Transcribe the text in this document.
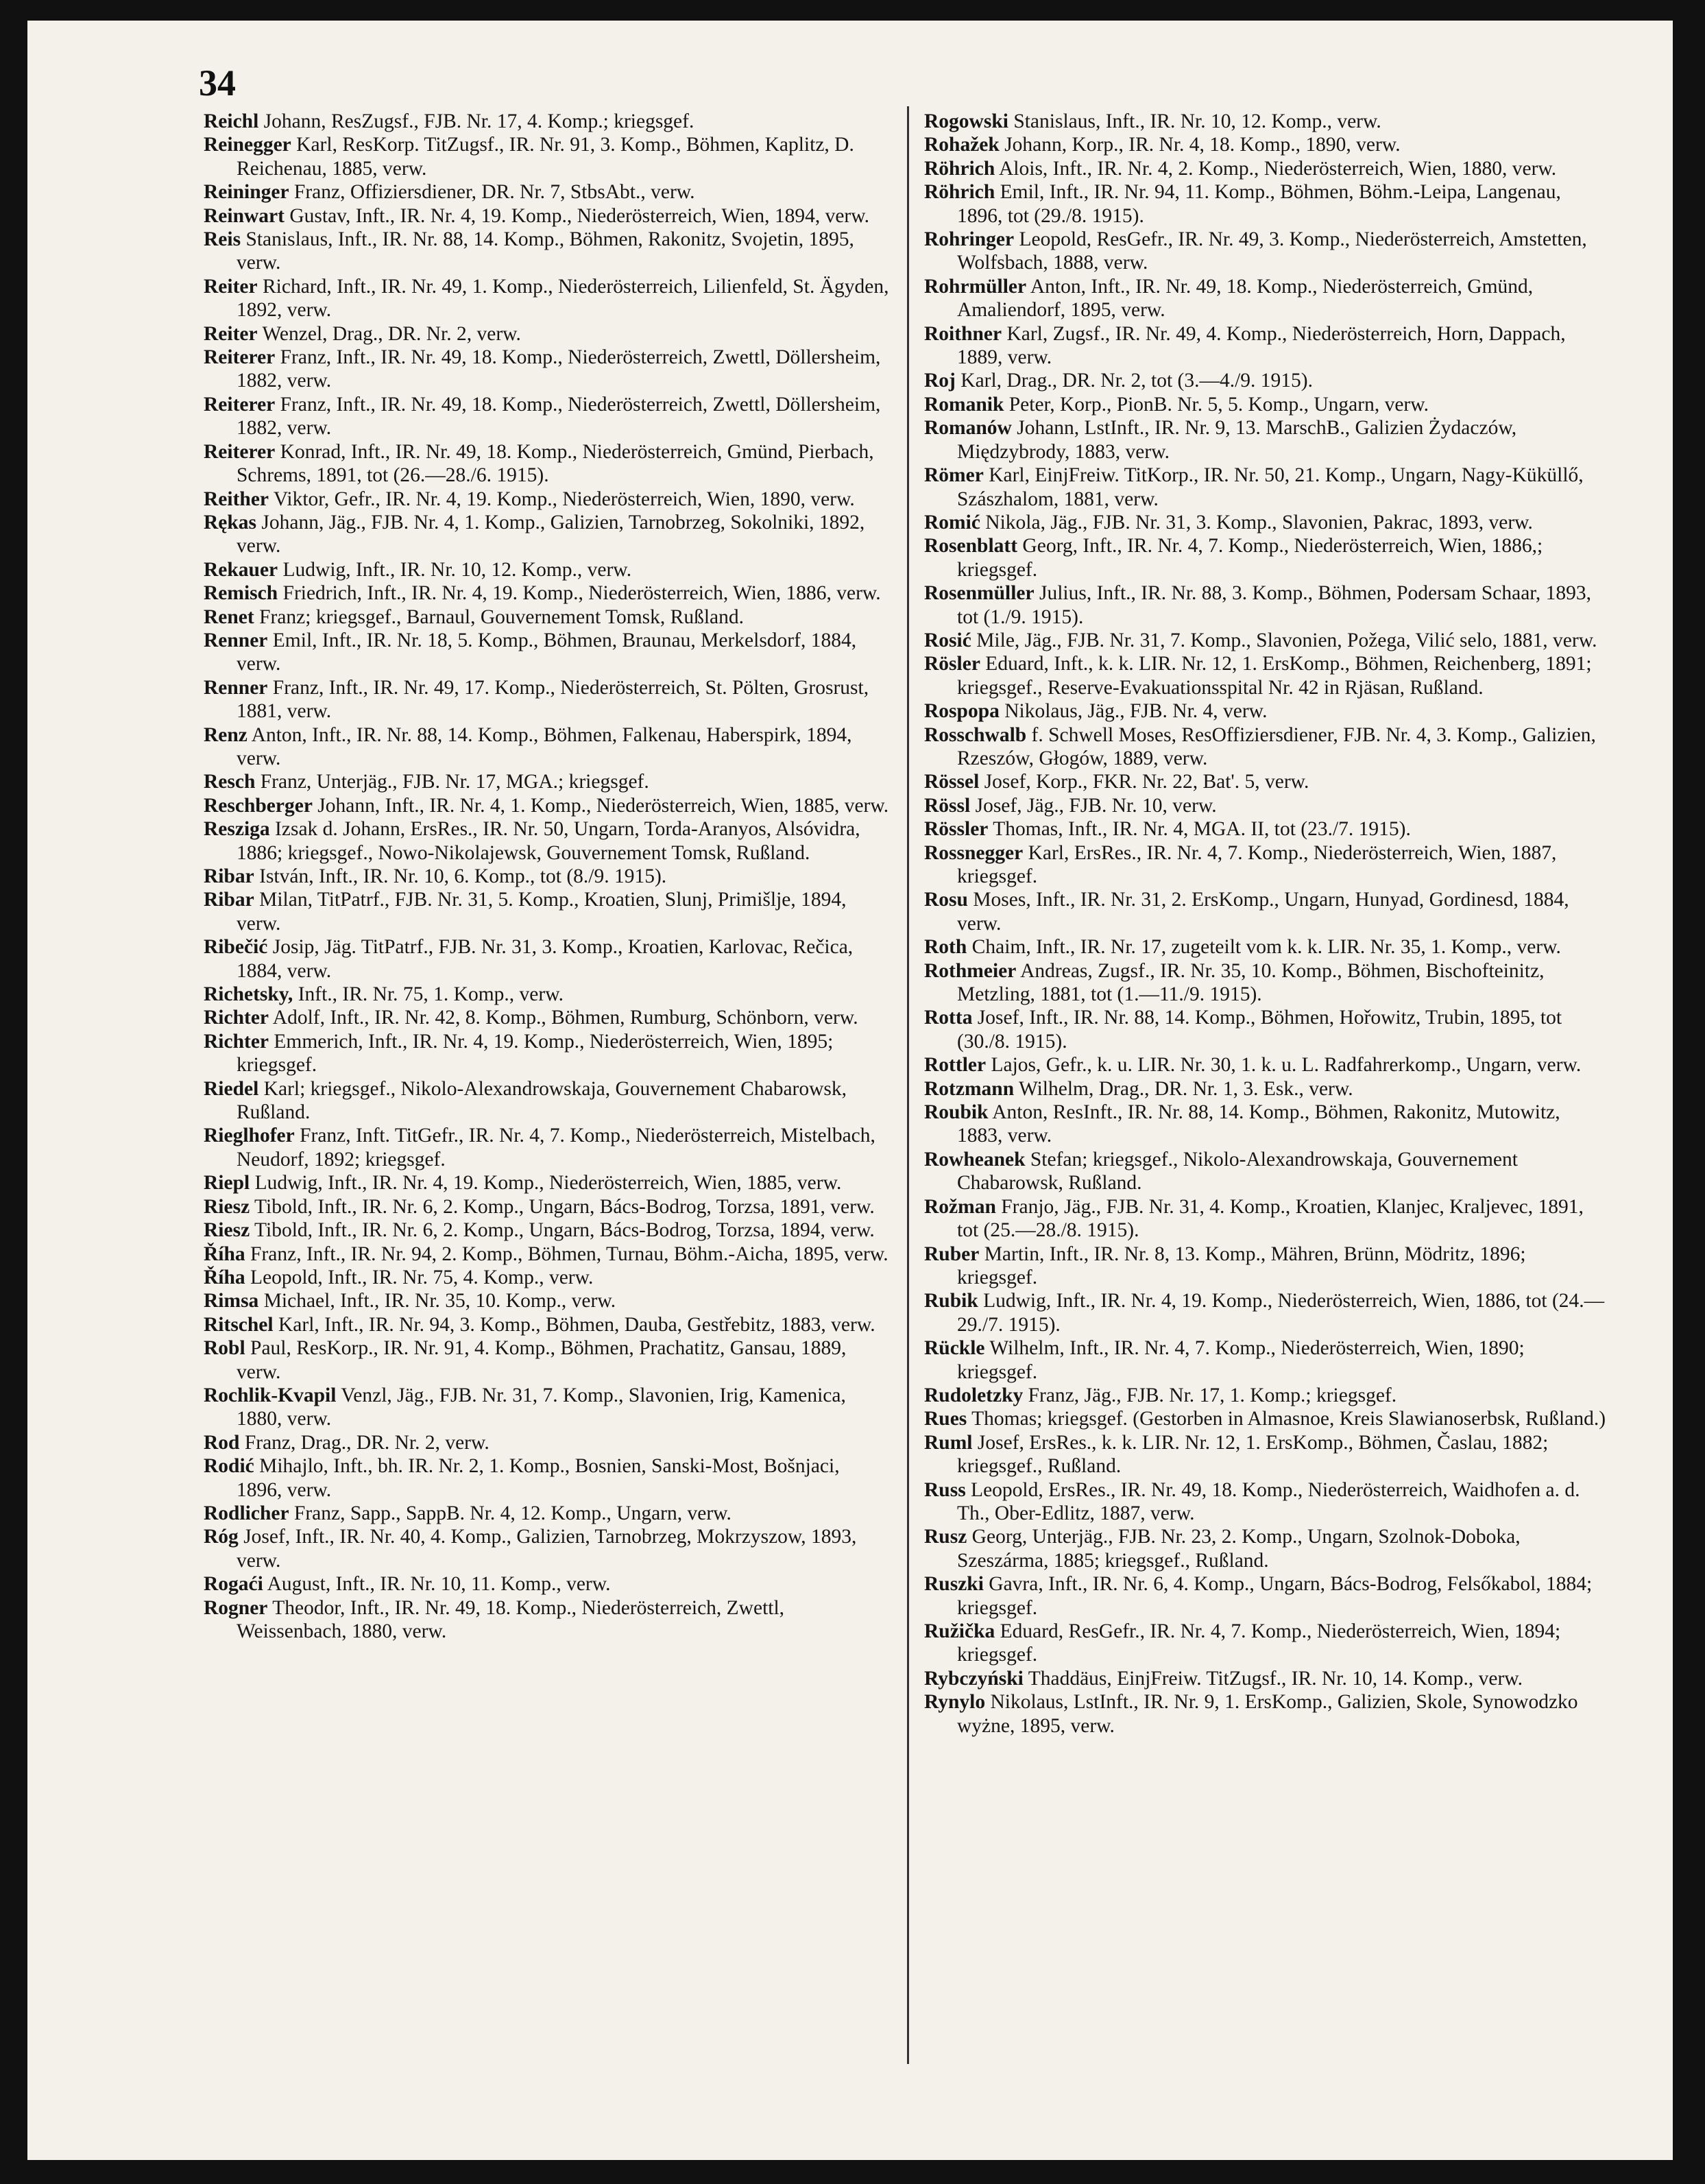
34

Reichl Johann, ResZugsf., FJB. Nr. 17, 4. Komp.; kriegsgef.

Reinegger Karl, ResKorp. TitZugsf., IR. Nr. 91, 3. Komp., Böhmen, Kaplitz, D. Reichenau, 1885, verw.

Reininger Franz, Offiziersdiener, DR. Nr. 7, StbsAbt., verw.

Reinwart Gustav, Inft., IR. Nr. 4, 19. Komp., Niederösterreich, Wien, 1894, verw.

Reis Stanislaus, Inft., IR. Nr. 88, 14. Komp., Böhmen, Rakonitz, Svojetin, 1895, verw.

Reiter Richard, Inft., IR. Nr. 49, 1. Komp., Niederösterreich, Lilienfeld, St. Ägyden, 1892, verw.

Reiter Wenzel, Drag., DR. Nr. 2, verw.

Reiterer Franz, Inft., IR. Nr. 49, 18. Komp., Niederösterreich, Zwettl, Döllersheim, 1882, verw.

Reiterer Franz, Inft., IR. Nr. 49, 18. Komp., Niederösterreich, Zwettl, Döllersheim, 1882, verw.

Reiterer Konrad, Inft., IR. Nr. 49, 18. Komp., Niederösterreich, Gmünd, Pierbach, Schrems, 1891, tot (26.—28./6. 1915).

Reither Viktor, Gefr., IR. Nr. 4, 19. Komp., Niederösterreich, Wien, 1890, verw.

Rękas Johann, Jäg., FJB. Nr. 4, 1. Komp., Galizien, Tarnobrzeg, Sokolniki, 1892, verw.

Rekauer Ludwig, Inft., IR. Nr. 10, 12. Komp., verw.

Remisch Friedrich, Inft., IR. Nr. 4, 19. Komp., Niederösterreich, Wien, 1886, verw.

Renet Franz; kriegsgef., Barnaul, Gouvernement Tomsk, Rußland.

Renner Emil, Inft., IR. Nr. 18, 5. Komp., Böhmen, Braunau, Merkelsdorf, 1884, verw.

Renner Franz, Inft., IR. Nr. 49, 17. Komp., Niederösterreich, St. Pölten, Grosrust, 1881, verw.

Renz Anton, Inft., IR. Nr. 88, 14. Komp., Böhmen, Falkenau, Haberspirk, 1894, verw.

Resch Franz, Unterjäg., FJB. Nr. 17, MGA.; kriegsgef.

Reschberger Johann, Inft., IR. Nr. 4, 1. Komp., Niederösterreich, Wien, 1885, verw.

Resziga Izsak d. Johann, ErsRes., IR. Nr. 50, Ungarn, Torda-Aranyos, Alsóvidra, 1886; kriegsgef., Nowo-Nikolajewsk, Gouvernement Tomsk, Rußland.

Ribar István, Inft., IR. Nr. 10, 6. Komp., tot (8./9. 1915).

Ribar Milan, TitPatrf., FJB. Nr. 31, 5. Komp., Kroatien, Slunj, Primišlje, 1894, verw.

Ribečić Josip, Jäg. TitPatrf., FJB. Nr. 31, 3. Komp., Kroatien, Karlovac, Rečica, 1884, verw.

Richetsky, Inft., IR. Nr. 75, 1. Komp., verw.

Richter Adolf, Inft., IR. Nr. 42, 8. Komp., Böhmen, Rumburg, Schönborn, verw.

Richter Emmerich, Inft., IR. Nr. 4, 19. Komp., Niederösterreich, Wien, 1895; kriegsgef.

Riedel Karl; kriegsgef., Nikolo-Alexandrowskaja, Gouvernement Chabarowsk, Rußland.

Rieglhofer Franz, Inft. TitGefr., IR. Nr. 4, 7. Komp., Niederösterreich, Mistelbach, Neudorf, 1892; kriegsgef.

Riepl Ludwig, Inft., IR. Nr. 4, 19. Komp., Niederösterreich, Wien, 1885, verw.

Riesz Tibold, Inft., IR. Nr. 6, 2. Komp., Ungarn, Bács-Bodrog, Torzsa, 1891, verw.

Riesz Tibold, Inft., IR. Nr. 6, 2. Komp., Ungarn, Bács-Bodrog, Torzsa, 1894, verw.

Říha Franz, Inft., IR. Nr. 94, 2. Komp., Böhmen, Turnau, Böhm.-Aicha, 1895, verw.

Říha Leopold, Inft., IR. Nr. 75, 4. Komp., verw.

Rimsa Michael, Inft., IR. Nr. 35, 10. Komp., verw.

Ritschel Karl, Inft., IR. Nr. 94, 3. Komp., Böhmen, Dauba, Gestřebitz, 1883, verw.

Robl Paul, ResKorp., IR. Nr. 91, 4. Komp., Böhmen, Prachatitz, Gansau, 1889, verw.

Rochlik-Kvapil Venzl, Jäg., FJB. Nr. 31, 7. Komp., Slavonien, Irig, Kamenica, 1880, verw.

Rod Franz, Drag., DR. Nr. 2, verw.

Rodić Mihajlo, Inft., bh. IR. Nr. 2, 1. Komp., Bosnien, Sanski-Most, Bošnjaci, 1896, verw.

Rodlicher Franz, Sapp., SappB. Nr. 4, 12. Komp., Ungarn, verw.

Róg Josef, Inft., IR. Nr. 40, 4. Komp., Galizien, Tarnobrzeg, Mokrzyszow, 1893, verw.

Rogaći August, Inft., IR. Nr. 10, 11. Komp., verw.

Rogner Theodor, Inft., IR. Nr. 49, 18. Komp., Niederösterreich, Zwettl, Weissenbach, 1880, verw.

Rogowski Stanislaus, Inft., IR. Nr. 10, 12. Komp., verw.

Rohažek Johann, Korp., IR. Nr. 4, 18. Komp., 1890, verw.

Röhrich Alois, Inft., IR. Nr. 4, 2. Komp., Niederösterreich, Wien, 1880, verw.

Röhrich Emil, Inft., IR. Nr. 94, 11. Komp., Böhmen, Böhm.-Leipa, Langenau, 1896, tot (29./8. 1915).

Rohringer Leopold, ResGefr., IR. Nr. 49, 3. Komp., Niederösterreich, Amstetten, Wolfsbach, 1888, verw.

Rohrmüller Anton, Inft., IR. Nr. 49, 18. Komp., Niederösterreich, Gmünd, Amaliendorf, 1895, verw.

Roithner Karl, Zugsf., IR. Nr. 49, 4. Komp., Niederösterreich, Horn, Dappach, 1889, verw.

Roj Karl, Drag., DR. Nr. 2, tot (3.—4./9. 1915).

Romanik Peter, Korp., PionB. Nr. 5, 5. Komp., Ungarn, verw.

Romanów Johann, LstInft., IR. Nr. 9, 13. MarschB., Galizien Żydaczów, Międzybrody, 1883, verw.

Römer Karl, EinjFreiw. TitKorp., IR. Nr. 50, 21. Komp., Ungarn, Nagy-Küküllő, Szászhalom, 1881, verw.

Romić Nikola, Jäg., FJB. Nr. 31, 3. Komp., Slavonien, Pakrac, 1893, verw.

Rosenblatt Georg, Inft., IR. Nr. 4, 7. Komp., Niederösterreich, Wien, 1886,; kriegsgef.

Rosenmüller Julius, Inft., IR. Nr. 88, 3. Komp., Böhmen, Podersam Schaar, 1893, tot (1./9. 1915).

Rosić Mile, Jäg., FJB. Nr. 31, 7. Komp., Slavonien, Požega, Vilić selo, 1881, verw.

Rösler Eduard, Inft., k. k. LIR. Nr. 12, 1. ErsKomp., Böhmen, Reichenberg, 1891; kriegsgef., Reserve-Evakuationsspital Nr. 42 in Rjäsan, Rußland.

Rospopa Nikolaus, Jäg., FJB. Nr. 4, verw.

Rosschwalb f. Schwell Moses, ResOffiziersdiener, FJB. Nr. 4, 3. Komp., Galizien, Rzeszów, Głogów, 1889, verw.

Rössel Josef, Korp., FKR. Nr. 22, Bat'. 5, verw.

Rössl Josef, Jäg., FJB. Nr. 10, verw.

Rössler Thomas, Inft., IR. Nr. 4, MGA. II, tot (23./7. 1915).

Rossnegger Karl, ErsRes., IR. Nr. 4, 7. Komp., Niederösterreich, Wien, 1887, kriegsgef.

Rosu Moses, Inft., IR. Nr. 31, 2. ErsKomp., Ungarn, Hunyad, Gordinesd, 1884, verw.

Roth Chaim, Inft., IR. Nr. 17, zugeteilt vom k. k. LIR. Nr. 35, 1. Komp., verw.

Rothmeier Andreas, Zugsf., IR. Nr. 35, 10. Komp., Böhmen, Bischofteinitz, Metzling, 1881, tot (1.—11./9. 1915).

Rotta Josef, Inft., IR. Nr. 88, 14. Komp., Böhmen, Hořowitz, Trubin, 1895, tot (30./8. 1915).

Rottler Lajos, Gefr., k. u. LIR. Nr. 30, 1. k. u. L. Radfahrerkomp., Ungarn, verw.

Rotzmann Wilhelm, Drag., DR. Nr. 1, 3. Esk., verw.

Roubik Anton, ResInft., IR. Nr. 88, 14. Komp., Böhmen, Rakonitz, Mutowitz, 1883, verw.

Rowheanek Stefan; kriegsgef., Nikolo-Alexandrowskaja, Gouvernement Chabarowsk, Rußland.

Rožman Franjo, Jäg., FJB. Nr. 31, 4. Komp., Kroatien, Klanjec, Kraljevec, 1891, tot (25.—28./8. 1915).

Ruber Martin, Inft., IR. Nr. 8, 13. Komp., Mähren, Brünn, Mödritz, 1896; kriegsgef.

Rubik Ludwig, Inft., IR. Nr. 4, 19. Komp., Niederösterreich, Wien, 1886, tot (24.—29./7. 1915).

Rückle Wilhelm, Inft., IR. Nr. 4, 7. Komp., Niederösterreich, Wien, 1890; kriegsgef.

Rudoletzky Franz, Jäg., FJB. Nr. 17, 1. Komp.; kriegsgef.

Rues Thomas; kriegsgef. (Gestorben in Almasnoe, Kreis Slawianoserbsk, Rußland.)

Ruml Josef, ErsRes., k. k. LIR. Nr. 12, 1. ErsKomp., Böhmen, Časlau, 1882; kriegsgef., Rußland.

Russ Leopold, ErsRes., IR. Nr. 49, 18. Komp., Niederösterreich, Waidhofen a. d. Th., Ober-Edlitz, 1887, verw.

Rusz Georg, Unterjäg., FJB. Nr. 23, 2. Komp., Ungarn, Szolnok-Doboka, Szeszárma, 1885; kriegsgef., Rußland.

Ruszki Gavra, Inft., IR. Nr. 6, 4. Komp., Ungarn, Bács-Bodrog, Felsőkabol, 1884; kriegsgef.

Ružička Eduard, ResGefr., IR. Nr. 4, 7. Komp., Niederösterreich, Wien, 1894; kriegsgef.

Rybczyński Thaddäus, EinjFreiw. TitZugsf., IR. Nr. 10, 14. Komp., verw.

Rynylo Nikolaus, LstInft., IR. Nr. 9, 1. ErsKomp., Galizien, Skole, Synowodzko wyżne, 1895, verw.
